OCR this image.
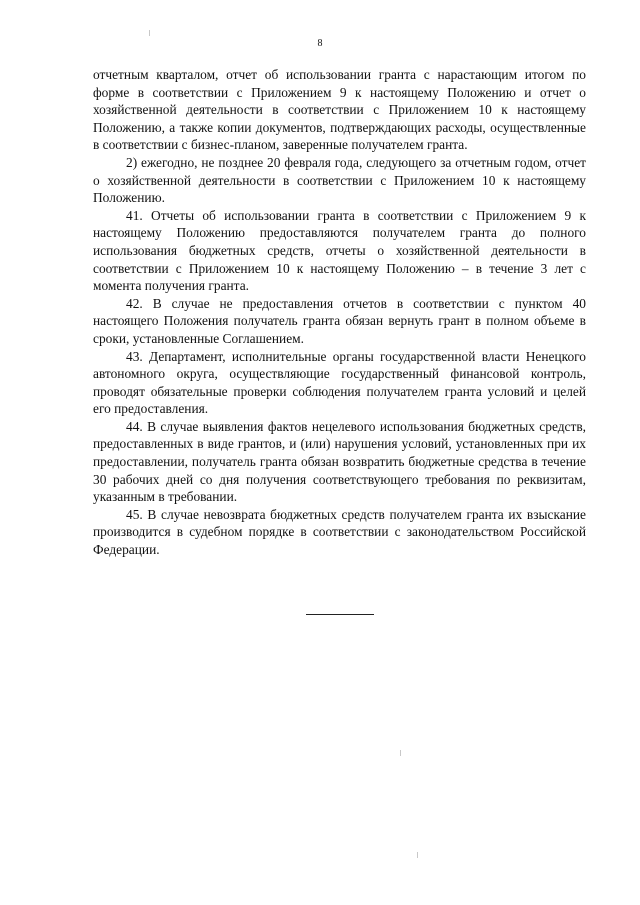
8

отчетным кварталом, отчет об использовании гранта с нарастающим итогом по форме в соответствии с Приложением 9 к настоящему Положению и отчет о хозяйственной деятельности в соответствии с Приложением 10 к настоящему Положению, а также копии документов, подтверждающих расходы, осуществленные в соответствии с бизнес-планом, заверенные получателем гранта.

2) ежегодно, не позднее 20 февраля года, следующего за отчетным годом, отчет о хозяйственной деятельности в соответствии с Приложением 10 к настоящему Положению.

41. Отчеты об использовании гранта в соответствии с Приложением 9 к настоящему Положению предоставляются получателем гранта до полного использования бюджетных средств, отчеты о хозяйственной деятельности в соответствии с Приложением 10 к настоящему Положению – в течение 3 лет с момента получения гранта.

42. В случае не предоставления отчетов в соответствии с пунктом 40 настоящего Положения получатель гранта обязан вернуть грант в полном объеме в сроки, установленные Соглашением.

43. Департамент, исполнительные органы государственной власти Ненецкого автономного округа, осуществляющие государственный финансовой контроль, проводят обязательные проверки соблюдения получателем гранта условий и целей его предоставления.

44. В случае выявления фактов нецелевого использования бюджетных средств, предоставленных в виде грантов, и (или) нарушения условий, установленных при их предоставлении, получатель гранта обязан возвратить бюджетные средства в течение 30 рабочих дней со дня получения соответствующего требования по реквизитам, указанным в требовании.

45. В случае невозврата бюджетных средств получателем гранта их взыскание производится в судебном порядке в соответствии с законодательством Российской Федерации.
